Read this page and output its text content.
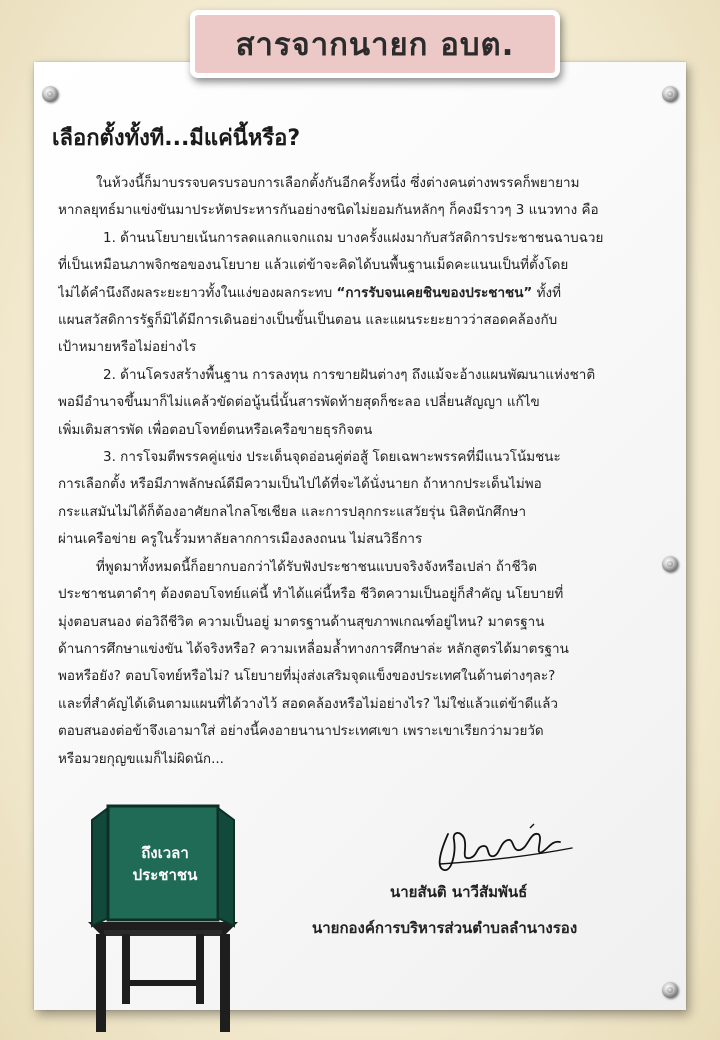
สารจากนายก อบต.
เลือกตั้งทั้งที...มีแค่นี้หรือ?

ในห้วงนี้ก็มาบรรจบครบรอบการเลือกตั้งกันอีกครั้งหนึ่ง ซึ่งต่างคนต่างพรรคก็พยายาม

หากลยุทธ์มาแข่งขันมาประหัตประหารกันอย่างชนิดไม่ยอมกันหลักๆ ก็คงมีราวๆ 3 แนวทาง คือ

1. ด้านนโยบายเน้นการลดแลกแจกแถม บางครั้งแฝงมากับสวัสดิการประชาชนฉาบฉวย

ที่เป็นเหมือนภาพจิกซอของนโยบาย แล้วแต่ข้าจะคิดได้บนพื้นฐานเม็ดคะแนนเป็นที่ตั้งโดย

ไม่ได้คำนึงถึงผลระยะยาวทั้งในแง่ของผลกระทบ “การรับจนเคยชินของประชาชน” ทั้งที่

แผนสวัสดิการรัฐก็มิได้มีการเดินอย่างเป็นขั้นเป็นตอน และแผนระยะยาวว่าสอดคล้องกับ

เป้าหมายหรือไม่อย่างไร

2. ด้านโครงสร้างพื้นฐาน การลงทุน การขายฝันต่างๆ ถึงแม้จะอ้างแผนพัฒนาแห่งชาติ

พอมีอำนาจขึ้นมาก็ไม่แคล้วขัดต่อนู้นนี่นั้นสารพัดท้ายสุดก็ชะลอ เปลี่ยนสัญญา แก้ไข

เพิ่มเติมสารพัด เพื่อตอบโจทย์ตนหรือเครือขายธุรกิจตน

3. การโจมตีพรรคคู่แข่ง ประเด็นจุดอ่อนคู่ต่อสู้ โดยเฉพาะพรรคที่มีแนวโน้มชนะ

การเลือกตั้ง หรือมีภาพลักษณ์ดีมีความเป็นไปได้ที่จะได้นั่งนายก ถ้าหากประเด็นไม่พอ

กระแสมันไม่ได้ก็ต้องอาศัยกลไกลโซเชียล และการปลุกกระแสวัยรุ่น นิสิตนักศึกษา

ผ่านเครือข่าย ครูในรั้วมหาลัยลากการเมืองลงถนน ไม่สนวิธีการ

ที่พูดมาทั้งหมดนี้ก็อยากบอกว่าได้รับฟังประชาชนแบบจริงจังหรือเปล่า ถ้าชีวิต

ประชาชนตาดำๆ ต้องตอบโจทย์แค่นี้ ทำได้แค่นี้หรือ ชีวิตความเป็นอยู่ก็สำคัญ นโยบายที่

มุ่งตอบสนอง ต่อวิถีชีวิต ความเป็นอยู่ มาตรฐานด้านสุขภาพเกณฑ์อยู่ไหน? มาตรฐาน

ด้านการศึกษาแข่งขัน ได้จริงหรือ? ความเหลื่อมล้ำทางการศึกษาล่ะ หลักสูตรได้มาตรฐาน

พอหรือยัง? ตอบโจทย์หรือไม่? นโยบายที่มุ่งส่งเสริมจุดแข็งของประเทศในด้านต่างๆละ?

และที่สำคัญได้เดินตามแผนที่ได้วางไว้ สอดคล้องหรือไม่อย่างไร? ไม่ใช่แล้วแต่ข้าดีแล้ว

ตอบสนองต่อข้าจึงเอามาใส่ อย่างนี้คงอายนานาประเทศเขา เพราะเขาเรียกว่ามวยวัด

หรือมวยกุญขแมก็ไม่ผิดนัก...

ถึงเวลา
ประชาชน
นายสันติ นาวีสัมพันธ์
นายกองค์การบริหารส่วนตำบลลำนางรอง
